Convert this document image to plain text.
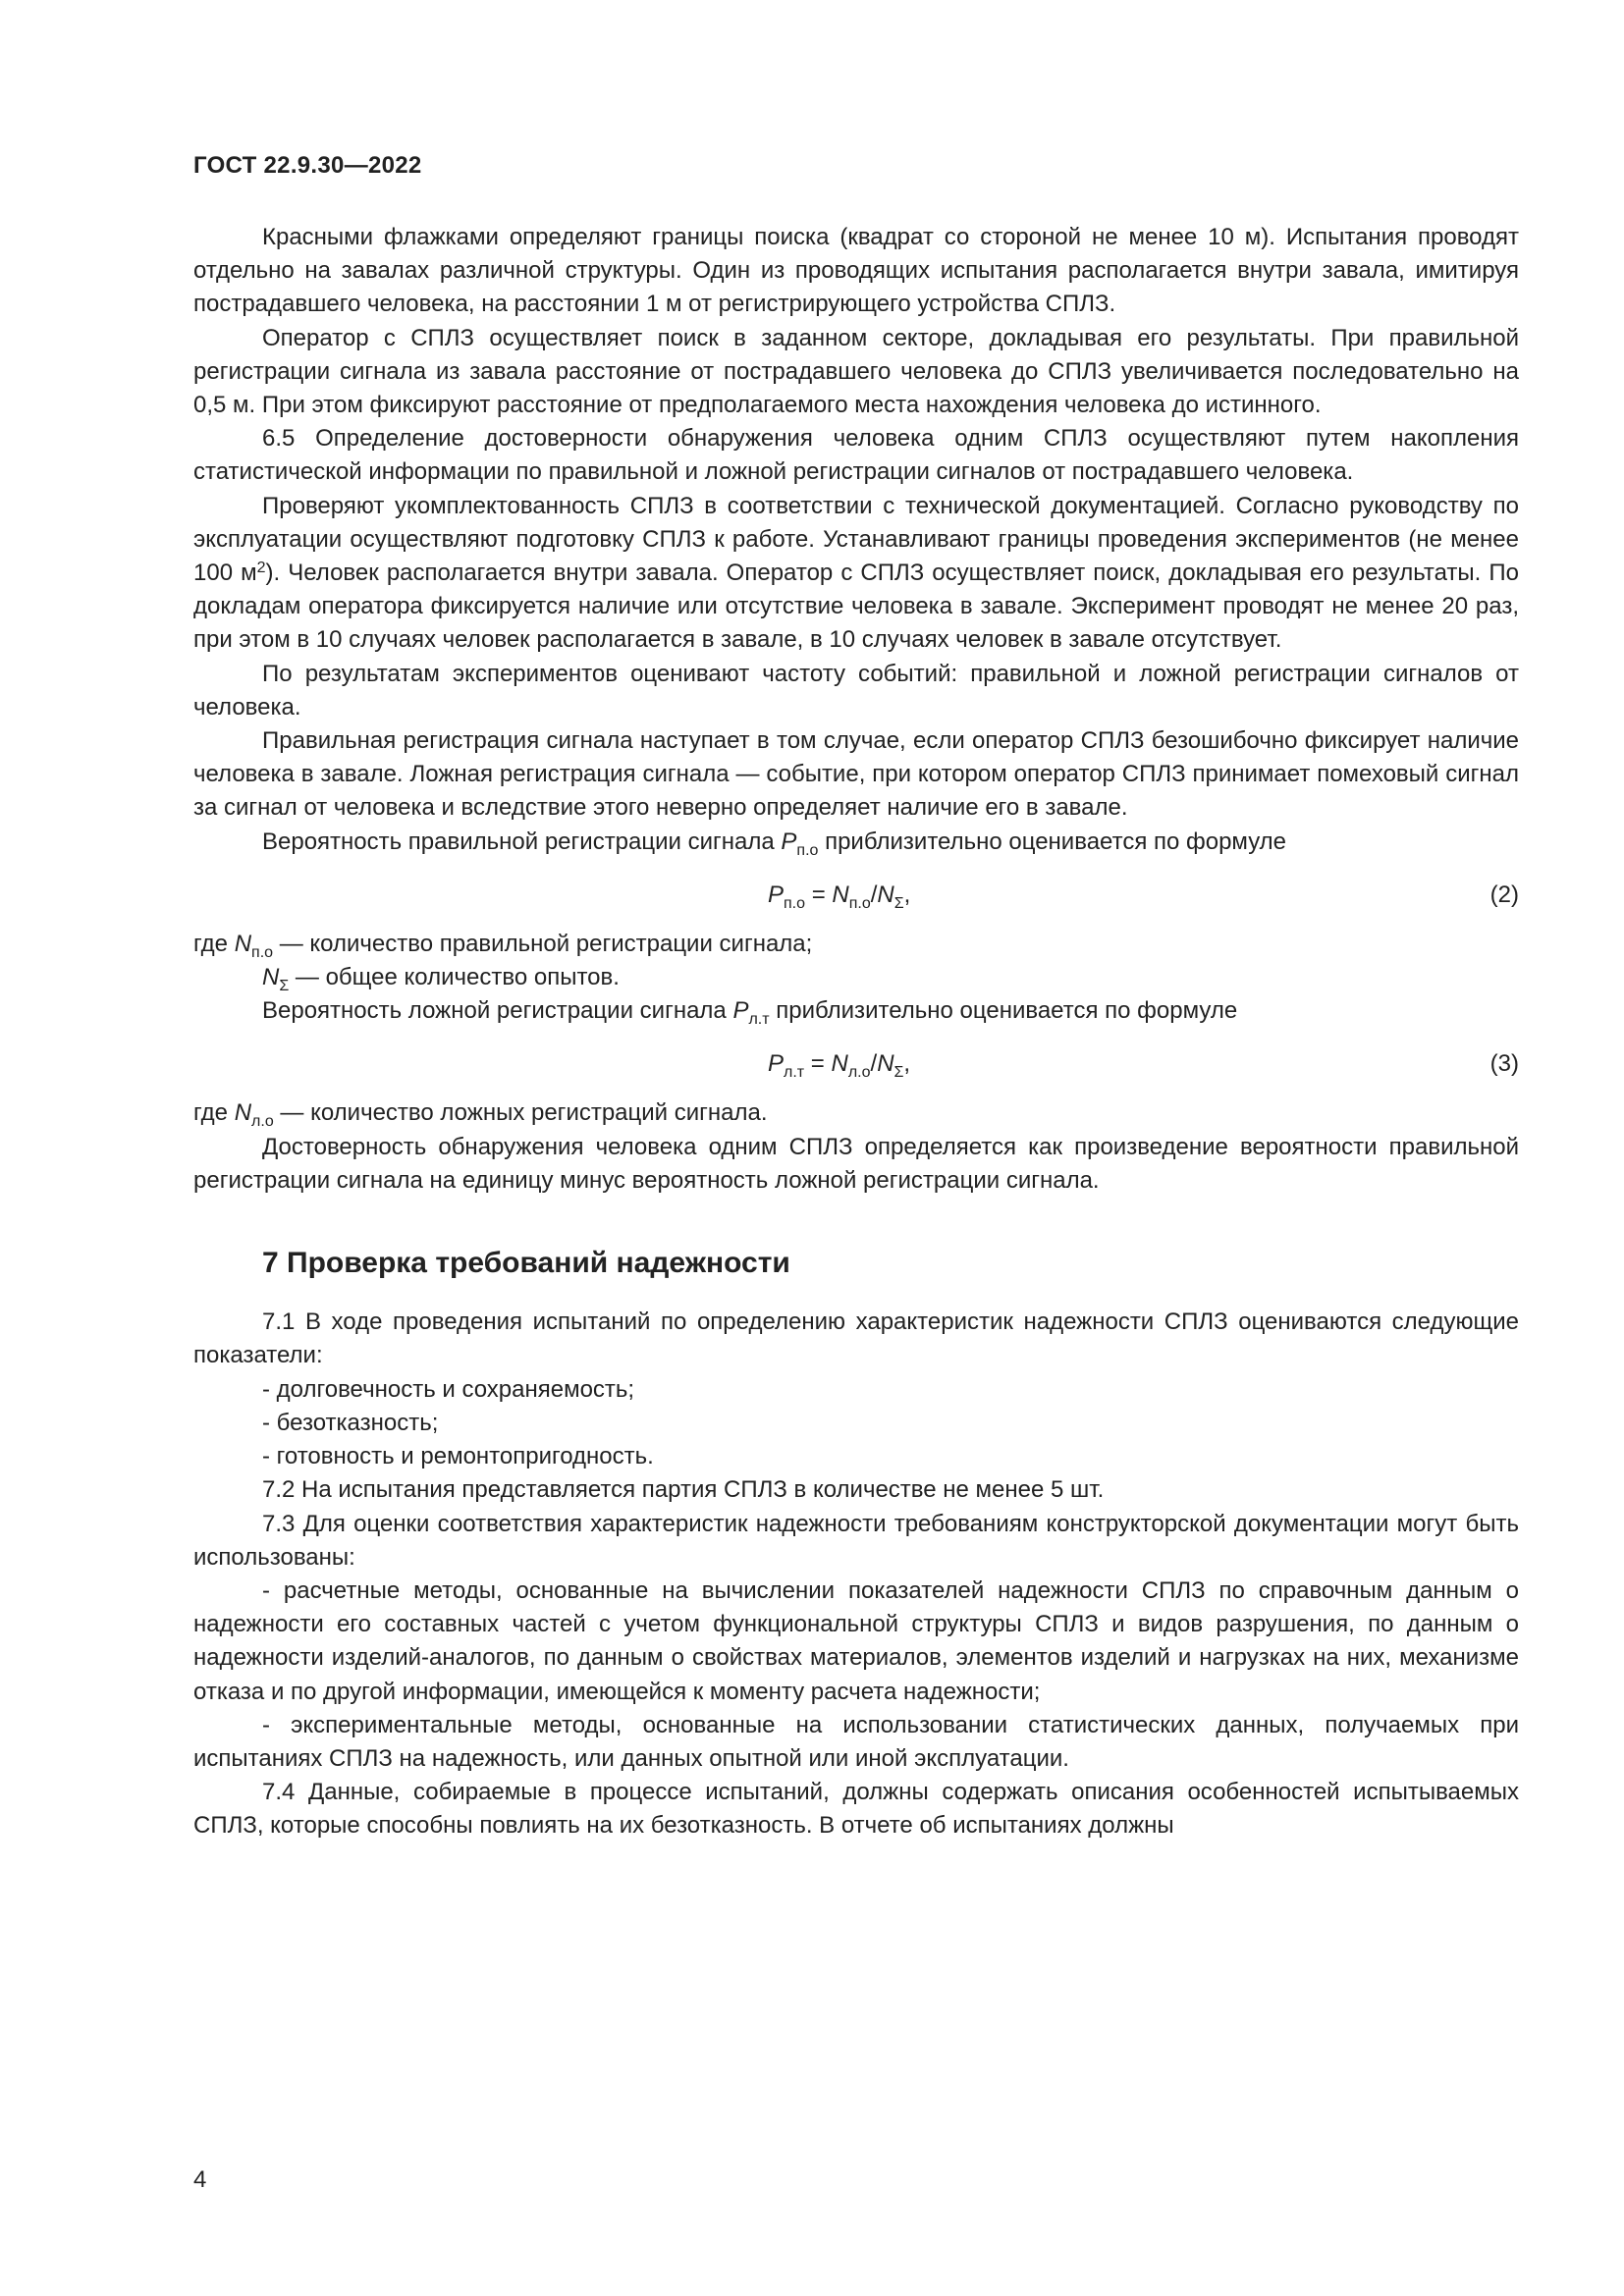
ГОСТ 22.9.30—2022

Красными флажками определяют границы поиска (квадрат со стороной не менее 10 м). Испытания проводят отдельно на завалах различной структуры. Один из проводящих испытания располагается внутри завала, имитируя пострадавшего человека, на расстоянии 1 м от регистрирующего устройства СПЛЗ.

Оператор с СПЛЗ осуществляет поиск в заданном секторе, докладывая его результаты. При правильной регистрации сигнала из завала расстояние от пострадавшего человека до СПЛЗ увеличивается последовательно на 0,5 м. При этом фиксируют расстояние от предполагаемого места нахождения человека до истинного.

6.5 Определение достоверности обнаружения человека одним СПЛЗ осуществляют путем накопления статистической информации по правильной и ложной регистрации сигналов от пострадавшего человека.

Проверяют укомплектованность СПЛЗ в соответствии с технической документацией. Согласно руководству по эксплуатации осуществляют подготовку СПЛЗ к работе. Устанавливают границы проведения экспериментов (не менее 100 $м^2$). Человек располагается внутри завала. Оператор с СПЛЗ осуществляет поиск, докладывая его результаты. По докладам оператора фиксируется наличие или отсутствие человека в завале. Эксперимент проводят не менее 20 раз, при этом в 10 случаях человек располагается в завале, в 10 случаях человек в завале отсутствует.

По результатам экспериментов оценивают частоту событий: правильной и ложной регистрации сигналов от человека.

Правильная регистрация сигнала наступает в том случае, если оператор СПЛЗ безошибочно фиксирует наличие человека в завале. Ложная регистрация сигнала — событие, при котором оператор СПЛЗ принимает помеховый сигнал за сигнал от человека и вследствие этого неверно определяет наличие его в завале.

Вероятность правильной регистрации сигнала $P_{п.о}$ приблизительно оценивается по формуле

$P_{п.о} = N_{п.о}/N_\Sigma$,	(2)

где $N_{п.о}$ — количество правильной регистрации сигнала;

$N_\Sigma$ — общее количество опытов.

Вероятность ложной регистрации сигнала $P_{л.т}$ приблизительно оценивается по формуле

$P_{л.т} = N_{л.о}/N_\Sigma$,	(3)

где $N_{л.о}$ — количество ложных регистраций сигнала.

Достоверность обнаружения человека одним СПЛЗ определяется как произведение вероятности правильной регистрации сигнала на единицу минус вероятность ложной регистрации сигнала.

7 Проверка требований надежности

7.1 В ходе проведения испытаний по определению характеристик надежности СПЛЗ оцениваются следующие показатели:

- долговечность и сохраняемость;

- безотказность;

- готовность и ремонтопригодность.

7.2 На испытания представляется партия СПЛЗ в количестве не менее 5 шт.

7.3 Для оценки соответствия характеристик надежности требованиям конструкторской документации могут быть использованы:

- расчетные методы, основанные на вычислении показателей надежности СПЛЗ по справочным данным о надежности его составных частей с учетом функциональной структуры СПЛЗ и видов разрушения, по данным о надежности изделий-аналогов, по данным о свойствах материалов, элементов изделий и нагрузках на них, механизме отказа и по другой информации, имеющейся к моменту расчета надежности;

- экспериментальные методы, основанные на использовании статистических данных, получаемых при испытаниях СПЛЗ на надежность, или данных опытной или иной эксплуатации.

7.4 Данные, собираемые в процессе испытаний, должны содержать описания особенностей испытываемых СПЛЗ, которые способны повлиять на их безотказность. В отчете об испытаниях должны

4
